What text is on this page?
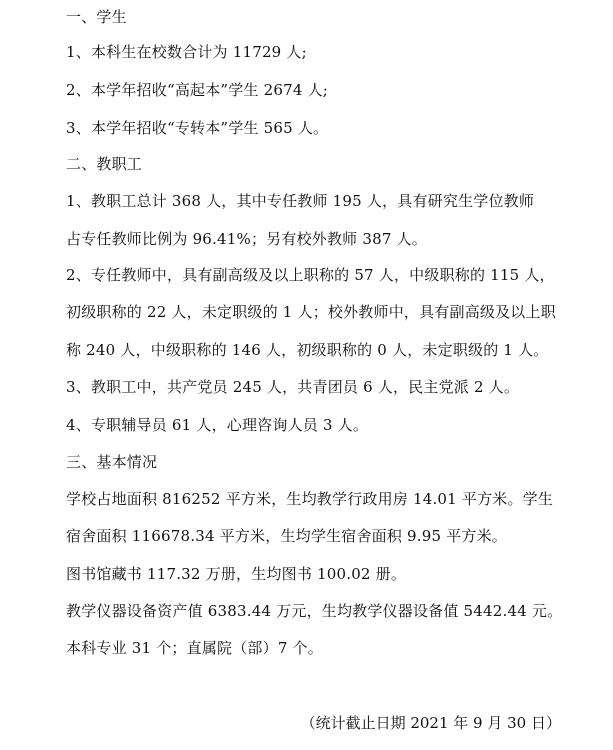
一、学生
1、本科生在校数合计为 11729 人;
2、本学年招收“高起本”学生 2674 人;
3、本学年招收“专转本”学生 565 人。
二、教职工
1、教职工总计 368 人，其中专任教师 195 人，具有研究生学位教师
占专任教师比例为 96.41%；另有校外教师 387 人。
2、专任教师中，具有副高级及以上职称的 57 人，中级职称的 115 人，
初级职称的 22 人，未定职级的 1 人；校外教师中，具有副高级及以上职
称 240 人，中级职称的 146 人，初级职称的 0 人，未定职级的 1 人。
3、教职工中，共产党员 245 人，共青团员 6 人，民主党派 2 人。
4、专职辅导员 61 人，心理咨询人员 3 人。
三、基本情况
学校占地面积 816252 平方米，生均教学行政用房 14.01 平方米。学生
宿舍面积 116678.34 平方米，生均学生宿舍面积 9.95 平方米。
图书馆藏书 117.32 万册，生均图书 100.02 册。
教学仪器设备资产值 6383.44 万元，生均教学仪器设备值 5442.44 元。
本科专业 31 个；直属院（部）7 个。
（统计截止日期 2021 年 9 月 30 日）
